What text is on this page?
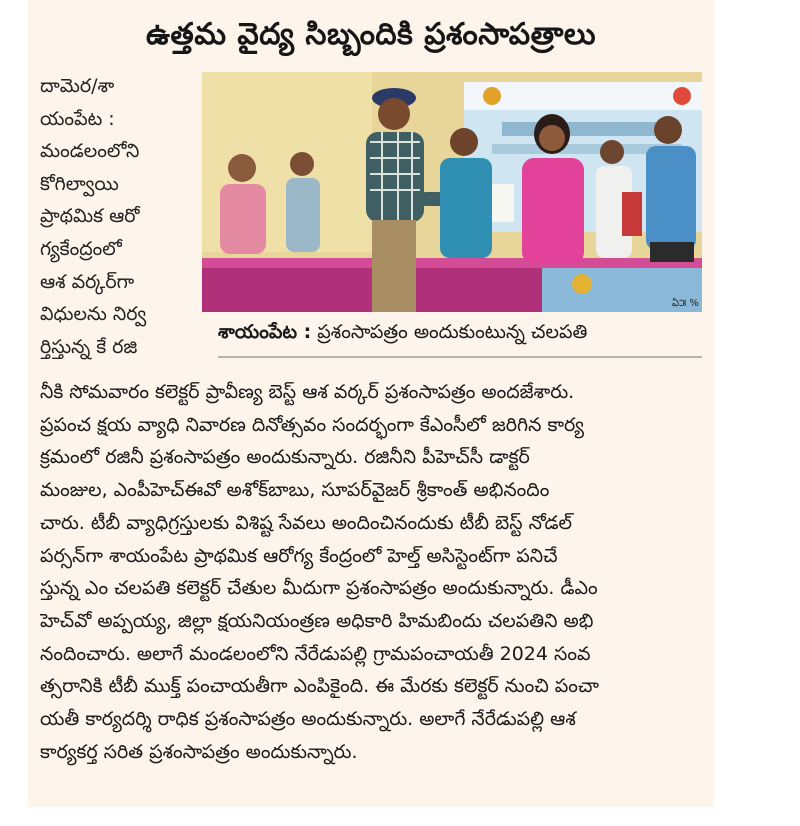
ఉత్తమ వైద్య సిబ్బందికి ప్రశంసాపత్రాలు
దామెర/శా
యంపేట :
మండలంలోని
కోగిల్వాయి
ప్రాథమిక ఆరో
గ్యకేంద్రంలో
ఆశ వర్కర్‌గా
విధులను నిర్వ
ర్తిస్తున్న కే రజి
ఏ౫ %
శాయంపేట : ప్రశంసాపత్రం అందుకుంటున్న చలపతి
నీకి సోమవారం కలెక్టర్ ప్రావీణ్య బెస్ట్ ఆశ వర్కర్ ప్రశంసాపత్రం అందజేశారు.
ప్రపంచ క్షయ వ్యాధి నివారణ దినోత్సవం సందర్భంగా కేఎంసీలో జరిగిన కార్య
క్రమంలో రజినీ ప్రశంసాపత్రం అందుకున్నారు. రజినీని పీహెచ్‌సీ డాక్టర్
మంజుల, ఎంపీహెచ్‌ఈవో అశోక్‌బాబు, సూపర్‌వైజర్ శ్రీకాంత్ అభినందిం
చారు. టీబీ వ్యాధిగ్రస్తులకు విశిష్ట సేవలు అందించినందుకు టీబీ బెస్ట్ నోడల్
పర్సన్‌గా శాయంపేట ప్రాథమిక ఆరోగ్య కేంద్రంలో హెల్త్ అసిస్టెంట్‌గా పనిచే
స్తున్న ఎం చలపతి కలెక్టర్ చేతుల మీదుగా ప్రశంసాపత్రం అందుకున్నారు. డీఎం
హెచ్‌వో అప్పయ్య, జిల్లా క్షయనియంత్రణ అధికారి హిమబిందు చలపతిని అభి
నందించారు. అలాగే మండలంలోని నేరేడుపల్లి గ్రామపంచాయతీ 2024 సంవ
త్సరానికి టీబీ ముక్త్ పంచాయతీగా ఎంపికైంది. ఈ మేరకు కలెక్టర్ నుంచి పంచా
యతీ కార్యదర్శి రాధిక ప్రశంసాపత్రం అందుకున్నారు. అలాగే నేరేడుపల్లి ఆశ
కార్యకర్త సరిత ప్రశంసాపత్రం అందుకున్నారు.
